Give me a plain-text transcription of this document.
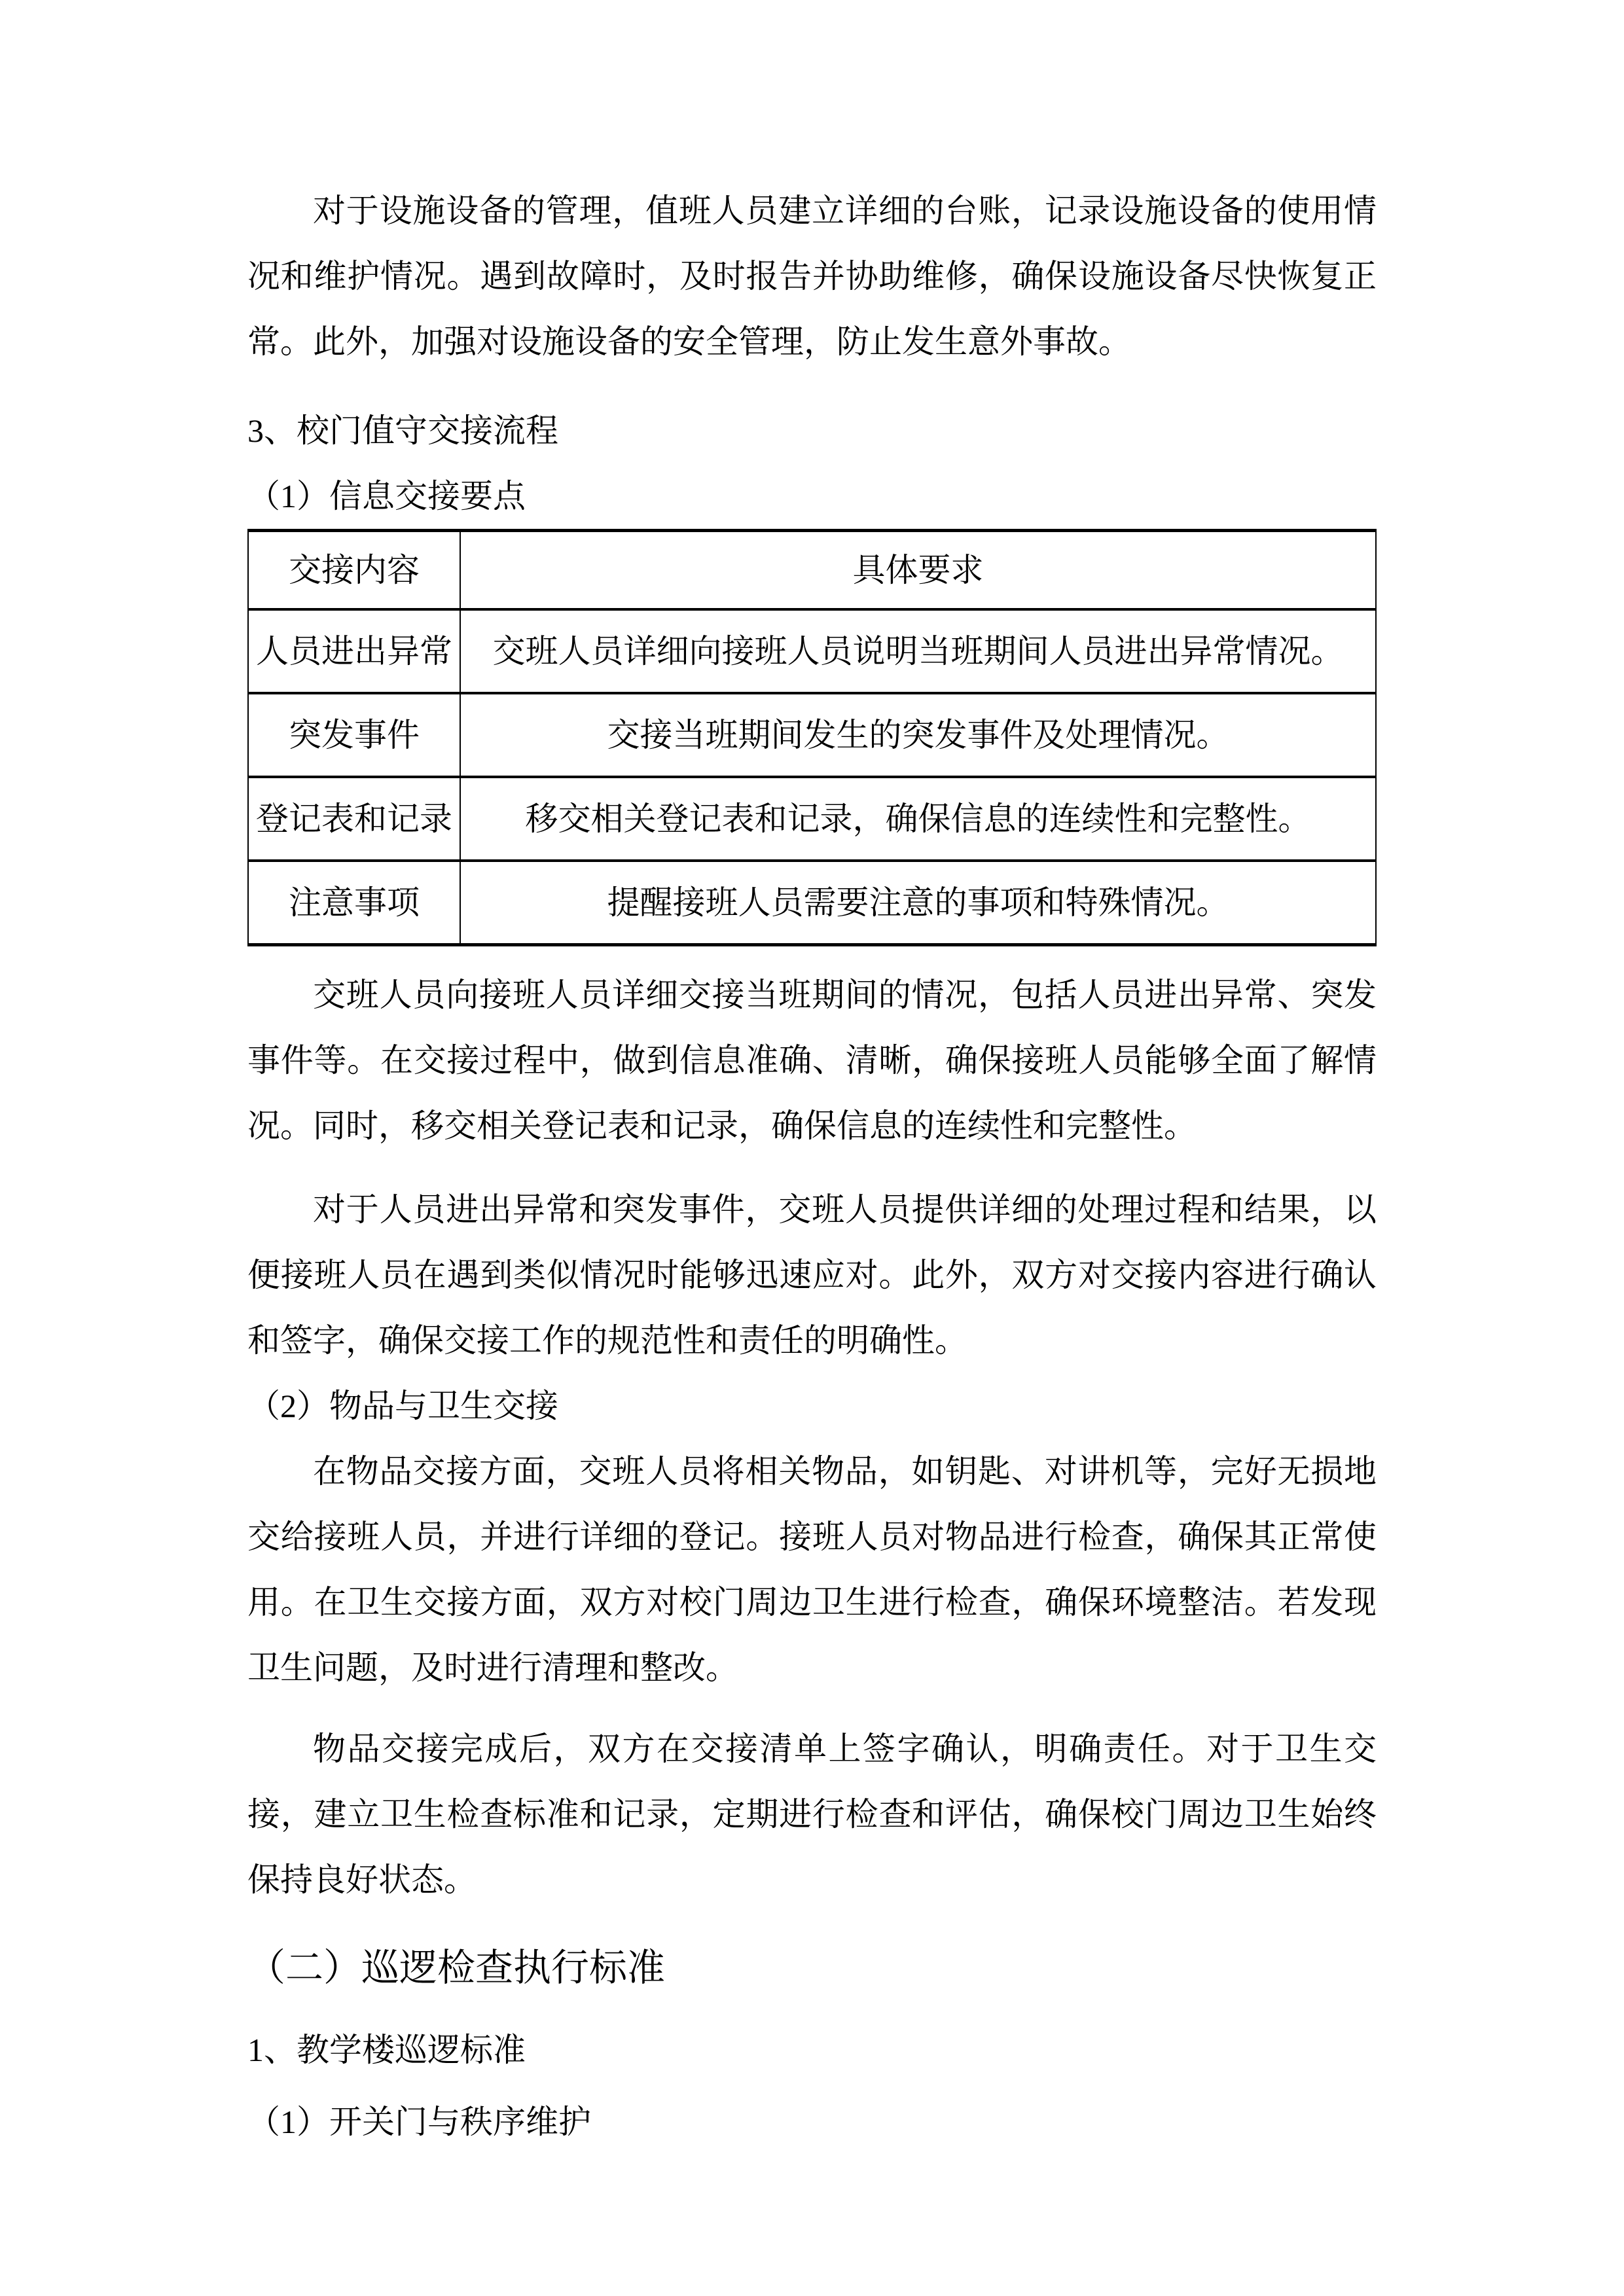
对于设施设备的管理，值班人员建立详细的台账，记录设施设备的使用情况和维护情况。遇到故障时，及时报告并协助维修，确保设施设备尽快恢复正常。此外，加强对设施设备的安全管理，防止发生意外事故。

3、校门值守交接流程
（1）信息交接要点
交接内容	具体要求
人员进出异常	交班人员详细向接班人员说明当班期间人员进出异常情况。
突发事件	交接当班期间发生的突发事件及处理情况。
登记表和记录	移交相关登记表和记录，确保信息的连续性和完整性。
注意事项	提醒接班人员需要注意的事项和特殊情况。

交班人员向接班人员详细交接当班期间的情况，包括人员进出异常、突发事件等。在交接过程中，做到信息准确、清晰，确保接班人员能够全面了解情况。同时，移交相关登记表和记录，确保信息的连续性和完整性。

对于人员进出异常和突发事件，交班人员提供详细的处理过程和结果，以便接班人员在遇到类似情况时能够迅速应对。此外，双方对交接内容进行确认和签字，确保交接工作的规范性和责任的明确性。

（2）物品与卫生交接

在物品交接方面，交班人员将相关物品，如钥匙、对讲机等，完好无损地交给接班人员，并进行详细的登记。接班人员对物品进行检查，确保其正常使用。在卫生交接方面，双方对校门周边卫生进行检查，确保环境整洁。若发现卫生问题，及时进行清理和整改。

物品交接完成后，双方在交接清单上签字确认，明确责任。对于卫生交接，建立卫生检查标准和记录，定期进行检查和评估，确保校门周边卫生始终保持良好状态。

（二）巡逻检查执行标准
1、教学楼巡逻标准
（1）开关门与秩序维护
